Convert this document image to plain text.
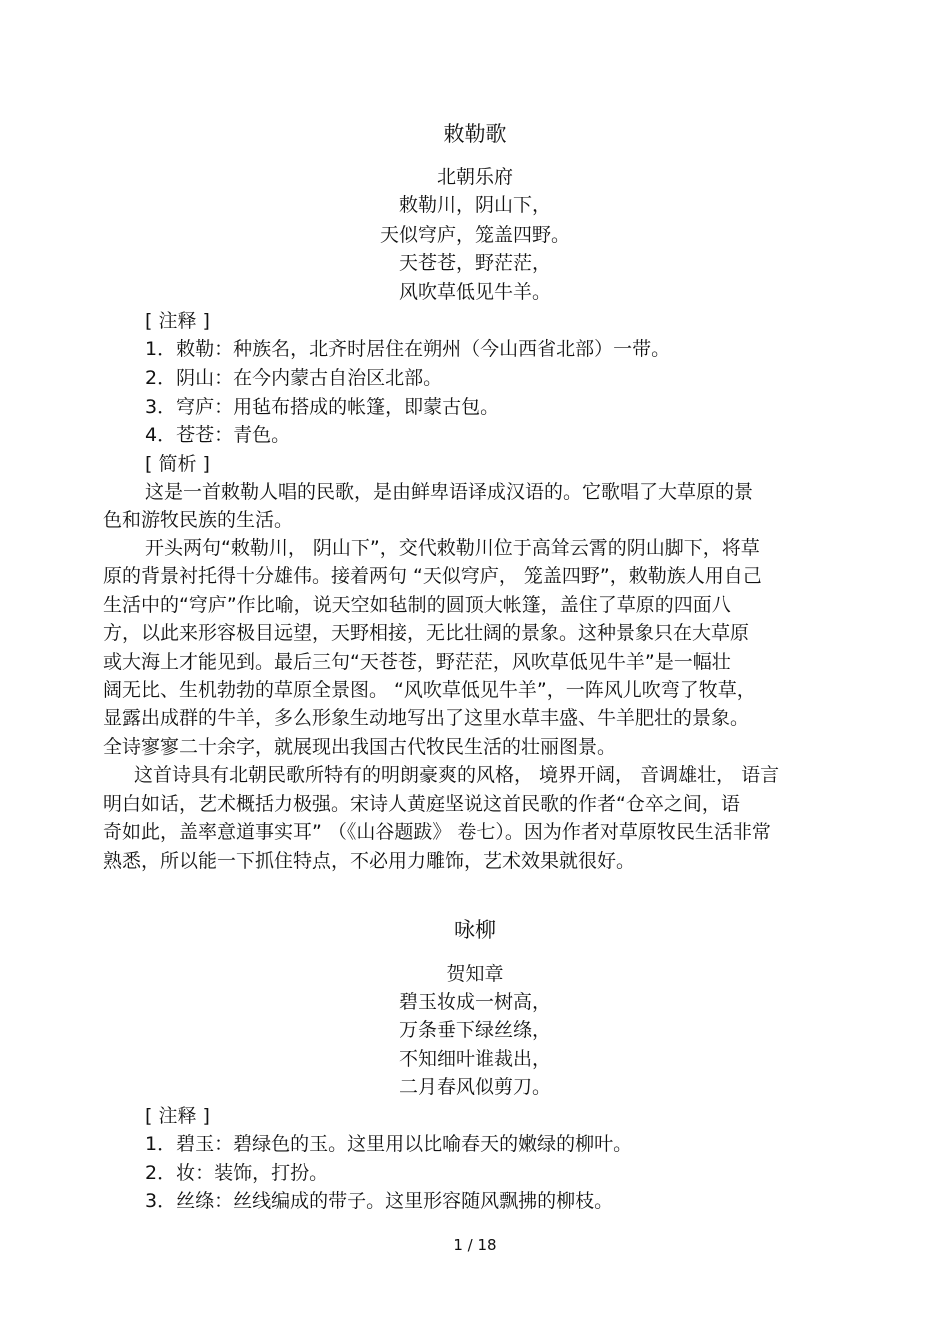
敕勒歌
北朝乐府
敕勒川，阴山下，
天似穹庐，笼盖四野。
天苍苍，野茫茫，
风吹草低见牛羊。
[ 注释 ]
1．敕勒：种族名，北齐时居住在朔州（今山西省北部）一带。
2．阴山：在今内蒙古自治区北部。
3．穹庐：用毡布搭成的帐篷，即蒙古包。
4．苍苍：青色。
[ 简析 ]
这是一首敕勒人唱的民歌，是由鲜卑语译成汉语的。它歌唱了大草原的景
色和游牧民族的生活。
开头两句“敕勒川， 阴山下”，交代敕勒川位于高耸云霄的阴山脚下，将草
原的背景衬托得十分雄伟。接着两句 “天似穹庐， 笼盖四野”，敕勒族人用自己
生活中的“穹庐”作比喻，说天空如毡制的圆顶大帐篷，盖住了草原的四面八
方，以此来形容极目远望，天野相接，无比壮阔的景象。这种景象只在大草原
或大海上才能见到。最后三句“天苍苍，野茫茫，风吹草低见牛羊”是一幅壮
阔无比、生机勃勃的草原全景图。 “风吹草低见牛羊”，一阵风儿吹弯了牧草，
显露出成群的牛羊，多么形象生动地写出了这里水草丰盛、牛羊肥壮的景象。
全诗寥寥二十余字，就展现出我国古代牧民生活的壮丽图景。
这首诗具有北朝民歌所特有的明朗豪爽的风格， 境界开阔， 音调雄壮， 语言
明白如话，艺术概括力极强。宋诗人黄庭坚说这首民歌的作者“仓卒之间，语
奇如此，盖率意道事实耳” （《山谷题跋》 卷七）。因为作者对草原牧民生活非常
熟悉，所以能一下抓住特点，不必用力雕饰，艺术效果就很好。
咏柳
贺知章
碧玉妆成一树高，
万条垂下绿丝绦，
不知细叶谁裁出，
二月春风似剪刀。
[ 注释 ]
1．碧玉：碧绿色的玉。这里用以比喻春天的嫩绿的柳叶。
2．妆：装饰，打扮。
3．丝绦：丝线编成的带子。这里形容随风飘拂的柳枝。
1 / 18
